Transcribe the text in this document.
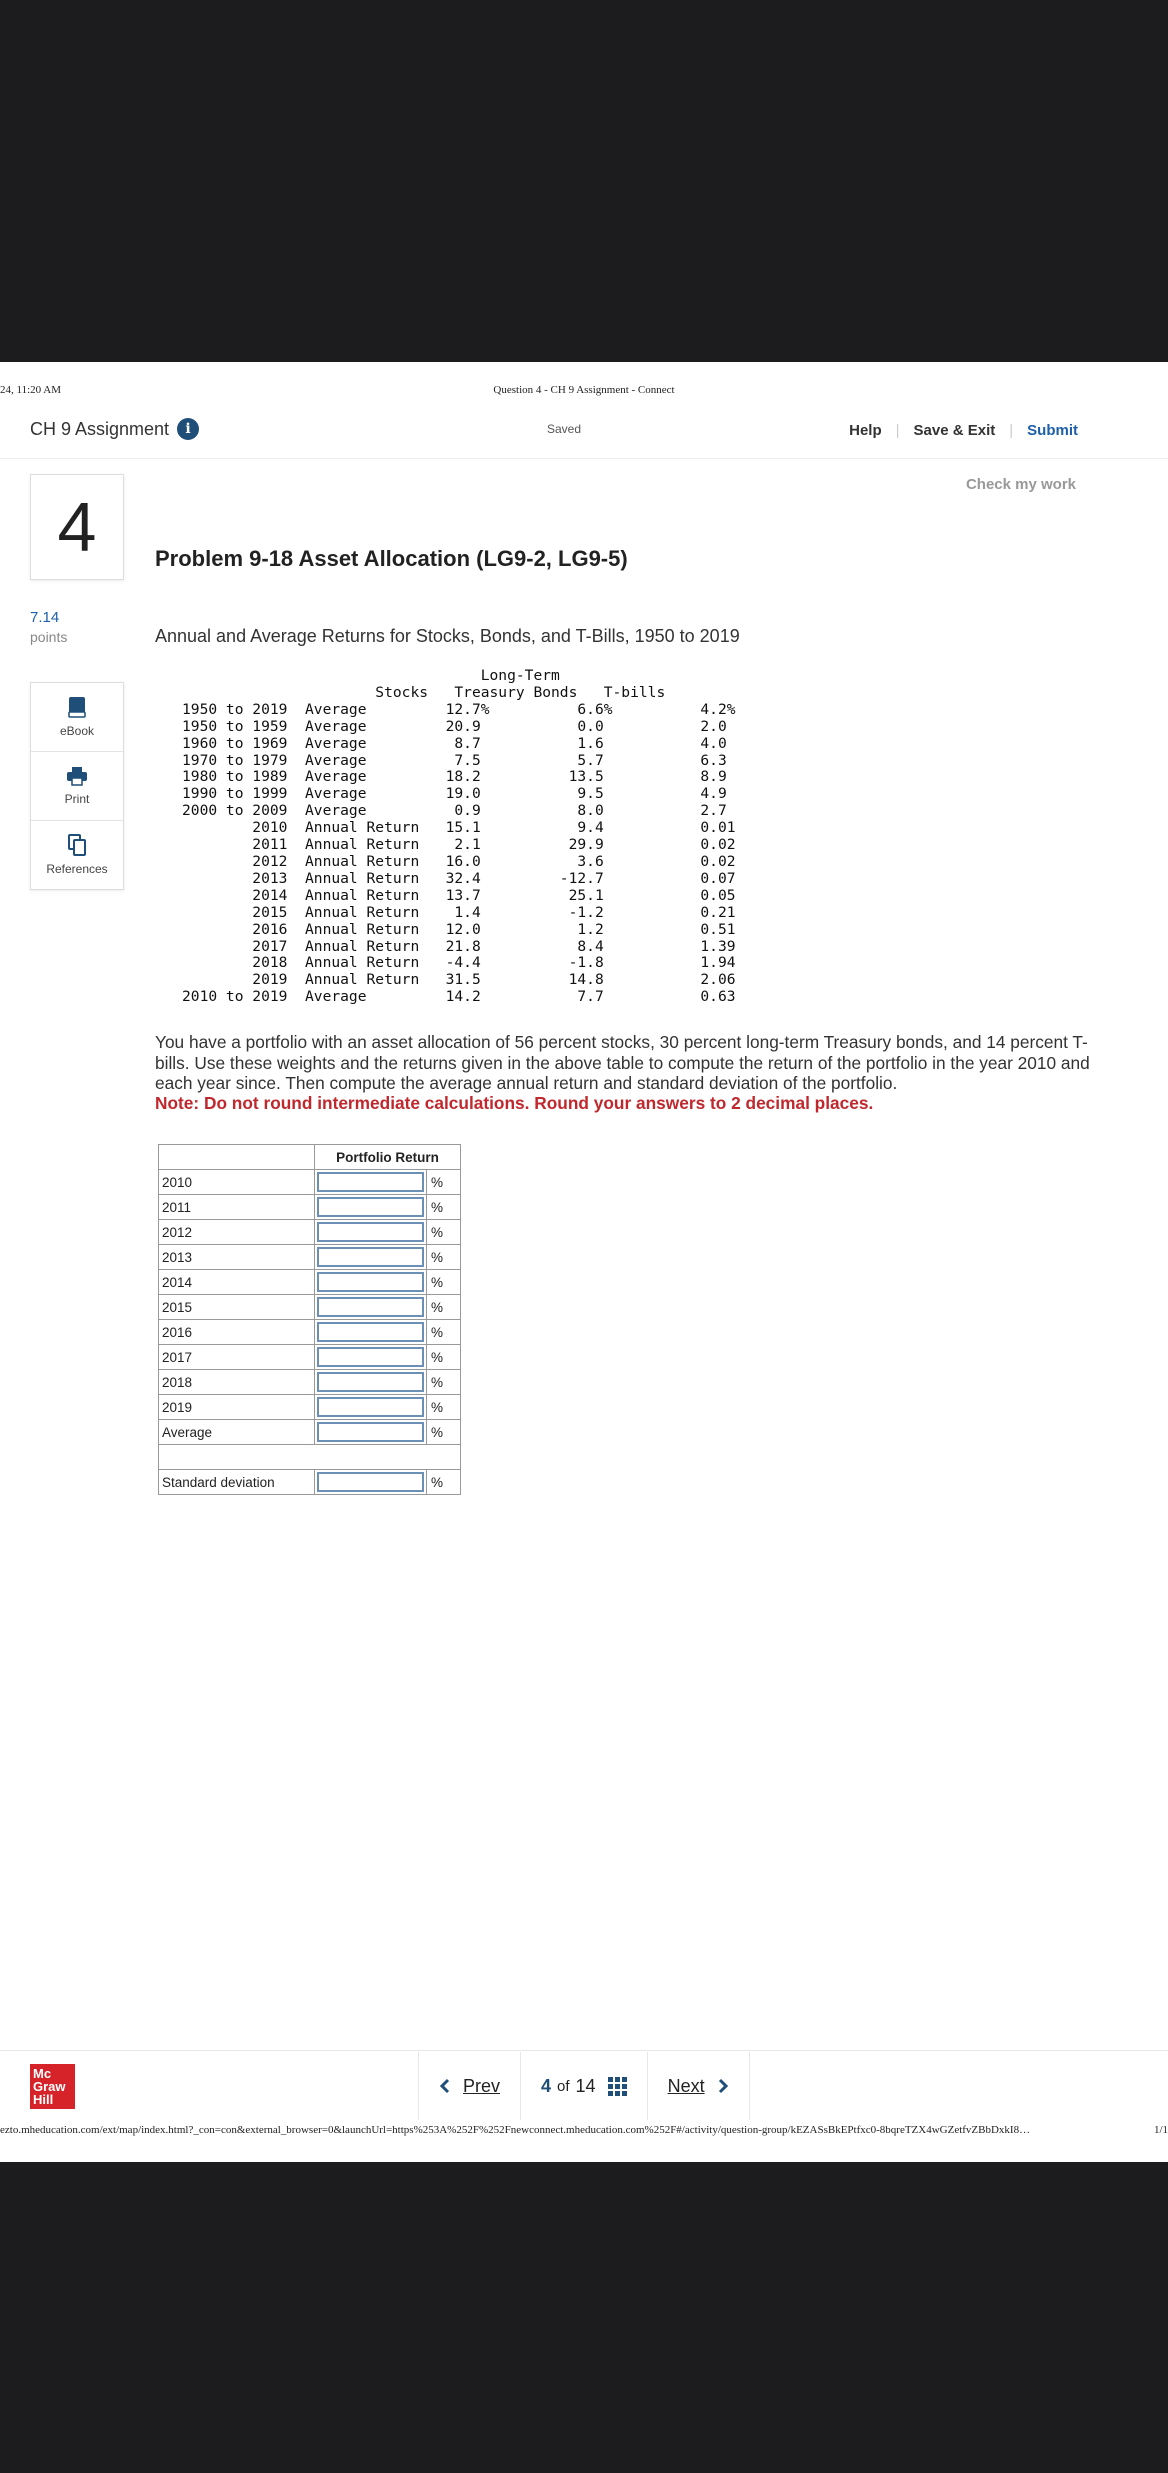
24, 11:20 AM	Question 4 - CH 9 Assignment - Connect
CH 9 Assignment	i	Saved	Help | Save & Exit | Submit
Check my work
4
7.14
points
eBook
Print
References
Problem 9-18 Asset Allocation (LG9-2, LG9-5)
Annual and Average Returns for Stocks, Bonds, and T-Bills, 1950 to 2019
Long-Term
Stocks   Treasury Bonds   T-bills
1950 to 2019  Average         12.7%          6.6%          4.2%
1950 to 1959  Average         20.9           0.0           2.0
1960 to 1969  Average          8.7           1.6           4.0
1970 to 1979  Average          7.5           5.7           6.3
1980 to 1989  Average         18.2          13.5           8.9
1990 to 1999  Average         19.0           9.5           4.9
2000 to 2009  Average          0.9           8.0           2.7
2010  Annual Return   15.1           9.4           0.01
2011  Annual Return    2.1          29.9           0.02
2012  Annual Return   16.0           3.6           0.02
2013  Annual Return   32.4         -12.7           0.07
2014  Annual Return   13.7          25.1           0.05
2015  Annual Return    1.4          -1.2           0.21
2016  Annual Return   12.0           1.2           0.51
2017  Annual Return   21.8           8.4           1.39
2018  Annual Return   -4.4          -1.8           1.94
2019  Annual Return   31.5          14.8           2.06
2010 to 2019  Average         14.2           7.7           0.63
You have a portfolio with an asset allocation of 56 percent stocks, 30 percent long-term Treasury bonds, and 14 percent T-bills. Use these weights and the returns given in the above table to compute the return of the portfolio in the year 2010 and each year since. Then compute the average annual return and standard deviation of the portfolio.
Note: Do not round intermediate calculations. Round your answers to 2 decimal places.
	Portfolio Return	
2010		%
2011		%
2012		%
2013		%
2014		%
2015		%
2016		%
2017		%
2018		%
2019		%
Average		%

Standard deviation		%
Mc
Graw
Hill
Prev 4 of 14	Next
ezto.mheducation.com/ext/map/index.html?_con=con&external_browser=0&launchUrl=https%253A%252F%252Fnewconnect.mheducation.com%252F#/activity/question-group/kEZASsBkEPtfxc0-8bqreTZX4wGZetfvZBbDxkI8…	1/1
